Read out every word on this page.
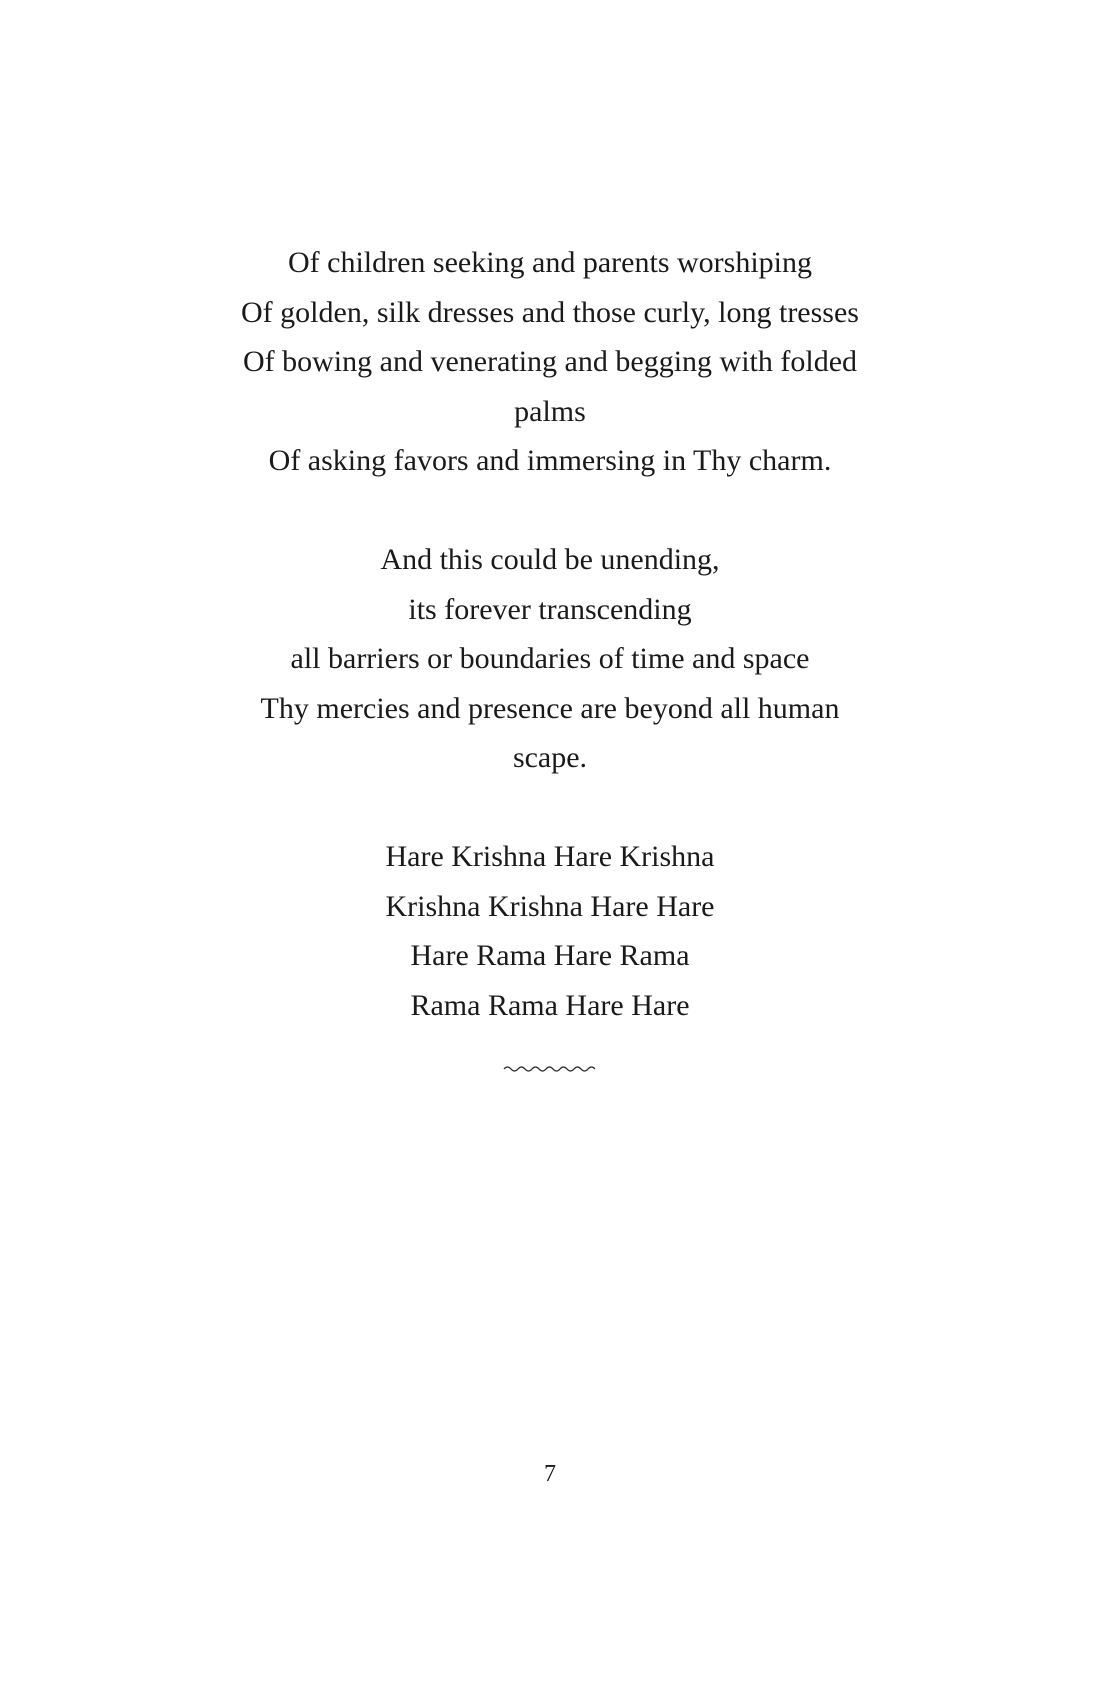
Of children seeking and parents worshiping
Of golden, silk dresses and those curly, long tresses
Of bowing and venerating and begging with folded
palms
Of asking favors and immersing in Thy charm.
And this could be unending,
its forever transcending
all barriers or boundaries of time and space
Thy mercies and presence are beyond all human
scape.
Hare Krishna Hare Krishna
Krishna Krishna Hare Hare
Hare Rama Hare Rama
Rama Rama Hare Hare
7
